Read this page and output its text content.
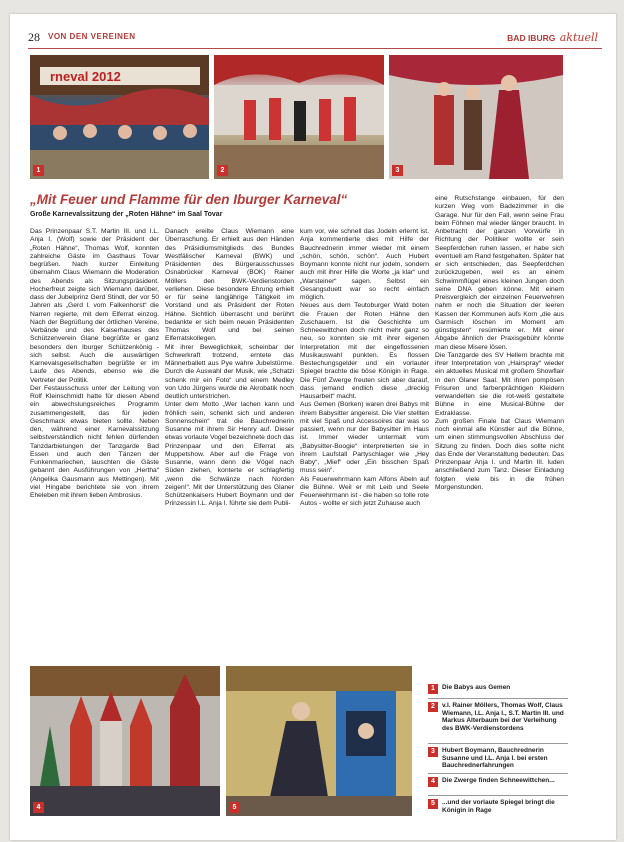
28 VON DEN VEREINEN	BAD IBURG aktuell
rneval 2012
1	2	3
„Mit Feuer und Flamme für den Iburger Karneval“
Große Karnevalssitzung der „Roten Hähne“ im Saal Tovar

Das Prinzenpaar S.T. Martin III. und I.L. Anja I. (Wolf) sowie der Präsident der „Roten Hähne“, Thomas Wolf, konnten zahlreiche Gäste im Gasthaus Tovar begrüßen. Nach kurzer Einleitung übernahm Claus Wiemann die Moderation des Abends als Sitzungspräsident. Hocherfreut zeigte sich Wiemann darüber, dass der Jubelprinz Gerd Stindt, der vor 50 Jahren als „Gerd I. vom Falkenhorst“ die Narren regierte, mit dem Elferrat einzog. Nach der Begrüßung der örtlichen Vereine, Verbände und des Kaiserhauses des Schützenverein Glane begrüßte er ganz besonders den Iburger Schützenkönig - sich selbst. Auch die auswärtigen Karnevalsgesellschaften begrüßte er im Laufe des Abends, ebenso wie die Vertreter der Politik.

Der Festausschuss unter der Leitung von Rolf Kleinschmidt hatte für diesen Abend ein abwechslungsreiches Programm zusammengestellt, das für jeden Geschmack etwas bieten sollte. Neben den, während einer Karnevalssitzung selbstverständlich nicht fehlen dürfenden Tanzdarbietungen der Tanzgarde Bad Essen und auch den Tänzen der Funkenmariechen, lauschten die Gäste gebannt den Ausführungen von „Hertha“ (Angelika Gausmann aus Mettingen). Mit viel Hingabe berichtete sie von ihrem Eheleben mit ihrem lieben Ambrosius.

Danach ereilte Claus Wiemann eine Überraschung. Er erhielt aus den Händen des Präsidiumsmitglieds des Bundes Westfälischer Karneval (BWK) und Präsidenten des Bürgerausschusses Osnabrücker Karneval (BOK) Rainer Möllers den BWK-Verdienstorden verliehen. Diese besondere Ehrung erhielt er für seine langjährige Tätigkeit im Vorstand und als Präsident der Roten Hähne. Sichtlich überrascht und berührt bedankte er sich beim neuen Präsidenten Thomas Wolf und bei seinen Elferratskollegen.

Mit ihrer Beweglichkeit, scheinbar der Schwerkraft trotzend, erntete das Männerballett aus Pye wahre Jubelstürme. Durch die Auswahl der Musik, wie „Schatzi schenk mir ein Foto“ und einem Medley von Udo Jürgens wurde die Akrobatik noch deutlich unterstrichen.

Unter dem Motto „Wer lachen kann und fröhlich sein, schenkt sich und anderen Sonnenschein“ trat die Bauchrednerin Susanne mit ihrem Sir Henry auf. Dieser etwas vorlaute Vogel bezeichnete doch das Prinzenpaar und den Elferrat als Muppetshow. Aber auf die Frage von Susanne, wann denn die Vögel nach Süden ziehen, konterte er schlagfertig „wenn die Schwänze nach Norden zeigen!“. Mit der Unterstützung des Glaner Schützenkaisers Hubert Boymann und der Prinzessin I.L. Anja I. führte sie dem Publi-

kum vor, wie schnell das Jodeln erlernt ist. Anja kommentierte dies mit Hilfe der Bauchrednerin immer wieder mit einem „schön, schön, schön“. Auch Hubert Boymann konnte nicht nur jodeln, sondern auch mit ihrer Hilfe die Worte „ja klar“ und „Warsteiner“ sagen. Selbst ein Gesangsduett war so recht einfach möglich.

Neues aus dem Teutoburger Wald boten die Frauen der Roten Hähne den Zuschauern. Ist die Geschichte um Schneewittchen doch nicht mehr ganz so neu, so konnten sie mit ihrer eigenen Interpretation mit der eingeflossenen Musikauswahl punkten. Es flossen Bestechungsgelder und ein vorlauter Spiegel brachte die böse Königin in Rage. Die Fünf Zwerge freuten sich aber darauf, dass jemand endlich diese „dreckig Hausarbeit“ macht.

Aus Gemen (Borken) waren drei Babys mit ihrem Babysitter angereist. Die Vier stellten mit viel Spaß und Accessoires dar was so passiert, wenn nur der Babysitter im Haus ist. Immer wieder untermalt vom „Babysitter-Boogie“ interpretierten sie in ihrem Laufstall Partyschlager wie „Hey Baby“, „Mief“ oder „Ein bisschen Spaß muss sein“.

Als Feuerwehrmann kam Alfons Abeln auf die Bühne. Weil er mit Leib und Seele Feuerwehrmann ist - die haben so tolle rote Autos - wollte er sich jetzt Zuhause auch

eine Rutschstange einbauen, für den kurzen Weg vom Badezimmer in die Garage. Nur für den Fall, wenn seine Frau beim Föhnen mal wieder länger braucht. In Anbetracht der ganzen Vorwürfe in Richtung der Politiker wollte er sein Seepferdchen ruhen lassen, er habe sich eventuell am Rand festgehalten. Später hat er sich entschieden, das Seepferdchen zurückzugeben, weil es an einem Schwimmflügel eines kleinen Jungen doch seine DNA geben könne. Mit einem Preisvergleich der einzelnen Feuerwehren nahm er noch die Situation der leeren Kassen der Kommunen aufs Korn „die aus Garmisch löschen im Moment am günstigsten“ resümierte er. Mit einer Abgabe ähnlich der Praxisgebühr könnte man diese Misere lösen.

Die Tanzgarde des SV Hellern brachte mit ihrer Interpretation von „Hairspray“ wieder ein aktuelles Musical mit großem Showflair in den Glaner Saal. Mit ihren pompösen Frisuren und farbenprächtigen Kleidern verwandelten sie die rot-weiß gestaltete Bühne in eine Musical-Bühne der Extraklasse.

Zum großen Finale bat Claus Wiemann noch einmal alle Künstler auf die Bühne, um einen stimmungsvollen Abschluss der Sitzung zu finden. Doch dies sollte nicht das Ende der Veranstaltung bedeuten. Das Prinzenpaar Anja I. und Martin III. luden anschließend zum Tanz. Dieser Einladung folgten viele bis in die frühen Morgenstunden.

4	5
1	Die Babys aus Gemen
2	v.l. Rainer Möllers, Thomas Wolf, Claus Wiemann, I.L. Anja I., S.T. Martin III. und Markus Alterbaum bei der Verleihung des BWK-Verdienstordens
3	Hubert Boymann, Bauchrednerin Susanne und I.L. Anja I. bei ersten Bauchrednerfahrungen
4	Die Zwerge finden Schneewittchen...
5	...und der vorlaute Spiegel bringt die Königin in Rage
